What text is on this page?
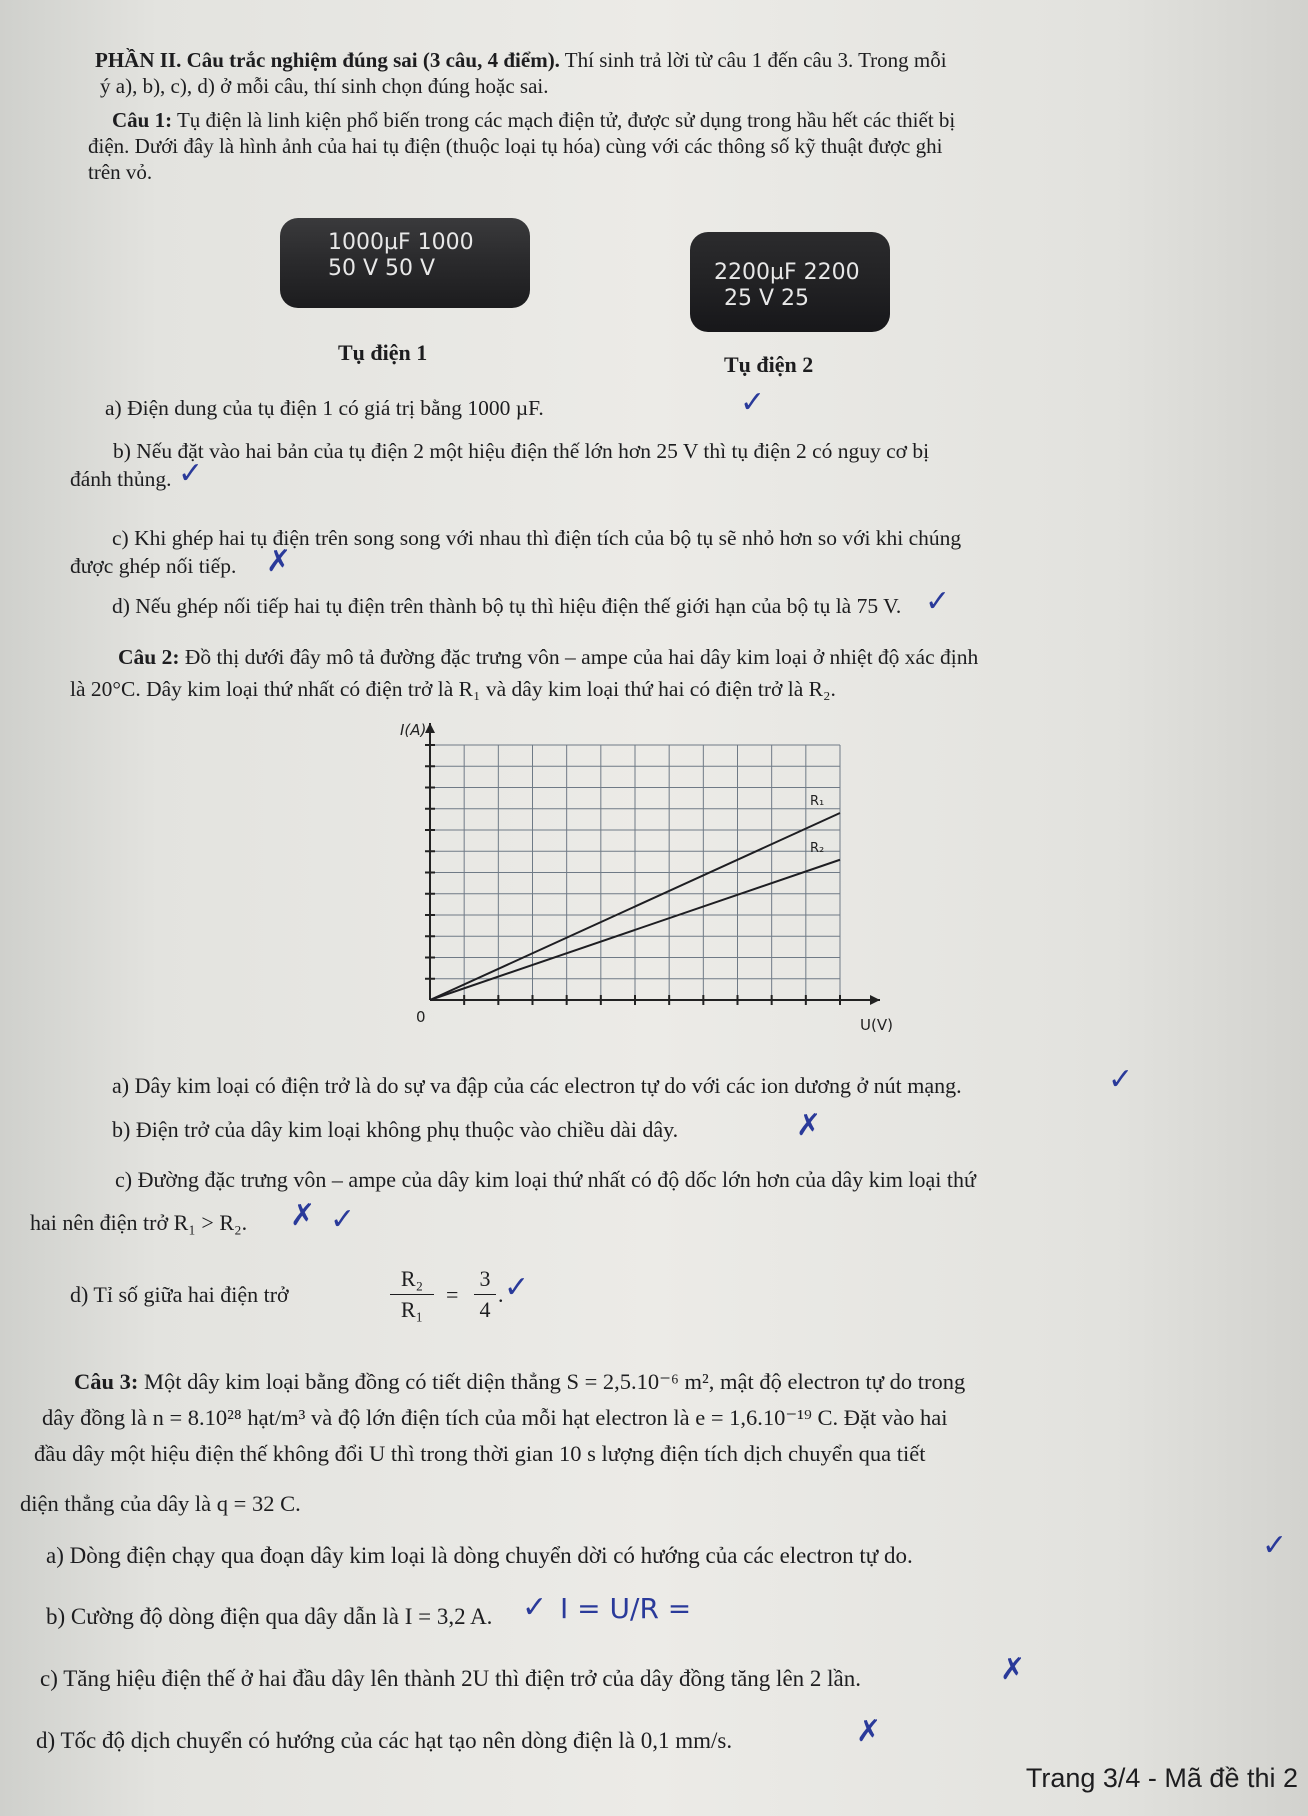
PHẦN II. Câu trắc nghiệm đúng sai (3 câu, 4 điểm). Thí sinh trả lời từ câu 1 đến câu 3. Trong mỗi
ý a), b), c), d) ở mỗi câu, thí sinh chọn đúng hoặc sai.
Câu 1: Tụ điện là linh kiện phổ biến trong các mạch điện tử, được sử dụng trong hầu hết các thiết bị
điện. Dưới đây là hình ảnh của hai tụ điện (thuộc loại tụ hóa) cùng với các thông số kỹ thuật được ghi
trên vỏ.
1000µF 1000
50 V 50 V
Tụ điện 1
2200µF 2200
25 V 25
Tụ điện 2
a) Điện dung của tụ điện 1 có giá trị bằng 1000 µF.	✓
b) Nếu đặt vào hai bản của tụ điện 2 một hiệu điện thế lớn hơn 25 V thì tụ điện 2 có nguy cơ bị
đánh thủng. ✓
c) Khi ghép hai tụ điện trên song song với nhau thì điện tích của bộ tụ sẽ nhỏ hơn so với khi chúng
được ghép nối tiếp. ✗
d) Nếu ghép nối tiếp hai tụ điện trên thành bộ tụ thì hiệu điện thế giới hạn của bộ tụ là 75 V. ✓
Câu 2: Đồ thị dưới đây mô tả đường đặc trưng vôn – ampe của hai dây kim loại ở nhiệt độ xác định
là 20°C. Dây kim loại thứ nhất có điện trở là R₁ và dây kim loại thứ hai có điện trở là R₂.
R₁
R₂
I(A)
U(V)
0
a) Dây kim loại có điện trở là do sự va đập của các electron tự do với các ion dương ở nút mạng.	✓
b) Điện trở của dây kim loại không phụ thuộc vào chiều dài dây.	✗
c) Đường đặc trưng vôn – ampe của dây kim loại thứ nhất có độ dốc lớn hơn của dây kim loại thứ
hai nên điện trở R₁ > R₂. ✗ ✓
d) Tỉ số giữa hai điện trở
R₂
R₁
=
3
4
. ✓
Câu 3: Một dây kim loại bằng đồng có tiết diện thẳng S = 2,5.10⁻⁶ m², mật độ electron tự do trong
dây đồng là n = 8.10²⁸ hạt/m³ và độ lớn điện tích của mỗi hạt electron là e = 1,6.10⁻¹⁹ C. Đặt vào hai
đầu dây một hiệu điện thế không đổi U thì trong thời gian 10 s lượng điện tích dịch chuyển qua tiết
diện thẳng của dây là q = 32 C.
a) Dòng điện chạy qua đoạn dây kim loại là dòng chuyển dời có hướng của các electron tự do.	✓
b) Cường độ dòng điện qua dây dẫn là I = 3,2 A. ✓ I = U/R =
c) Tăng hiệu điện thế ở hai đầu dây lên thành 2U thì điện trở của dây đồng tăng lên 2 lần.	✗
d) Tốc độ dịch chuyển có hướng của các hạt tạo nên dòng điện là 0,1 mm/s.	✗
Trang 3/4 - Mã đề thi 2
